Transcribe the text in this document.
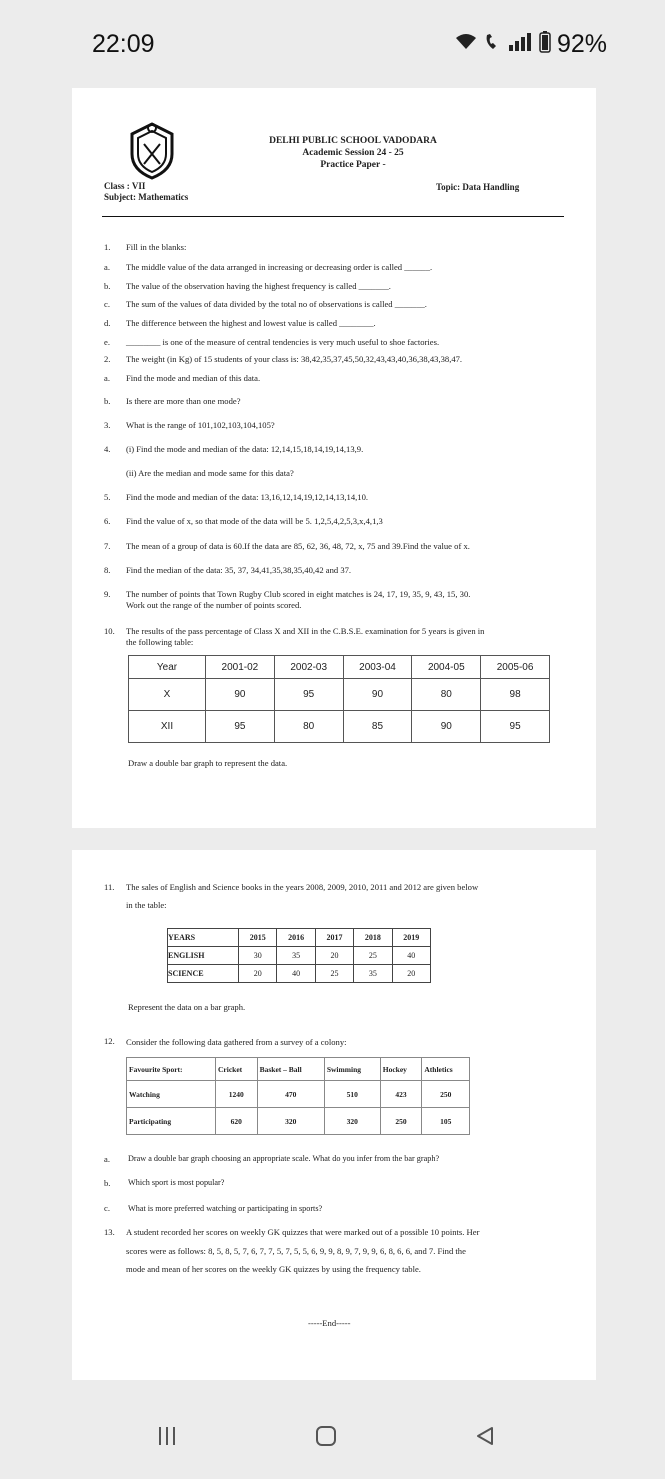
22:09	92%
DELHI PUBLIC SCHOOL VADODARA
Academic Session 24 - 25
Practice Paper -
Class : VII
Subject: Mathematics
Topic: Data Handling
1. Fill in the blanks:
a. The middle value of the data arranged in increasing or decreasing order is called ______.
b. The value of the observation having the highest frequency is called _______.
c. The sum of the values of data divided by the total no of observations is called _______.
d. The difference between the highest and lowest value is called ________.
e. ________ is one of the measure of central tendencies is very much useful to shoe factories.
2. The weight (in Kg) of 15 students of your class is: 38,42,35,37,45,50,32,43,43,40,36,38,43,38,47.
a. Find the mode and median of this data.
b. Is there are more than one mode?
3. What is the range of 101,102,103,104,105?
4. (i) Find the mode and median of the data: 12,14,15,18,14,19,14,13,9.
(ii) Are the median and mode same for this data?
5. Find the mode and median of the data: 13,16,12,14,19,12,14,13,14,10.
6. Find the value of x, so that mode of the data will be 5. 1,2,5,4,2,5,3,x,4,1,3
7. The mean of a group of data is 60.If the data are 85, 62, 36, 48, 72, x, 75 and 39.Find the value of x.
8. Find the median of the data: 35, 37, 34,41,35,38,35,40,42 and 37.
9. The number of points that Town Rugby Club scored in eight matches is 24, 17, 19, 35, 9, 43, 15, 30.
Work out the range of the number of points scored.
10. The results of the pass percentage of Class X and XII in the C.B.S.E. examination for 5 years is given in
the following table:
Year	2001-02	2002-03	2003-04	2004-05	2005-06
X	90	95	90	80	98
XII	95	80	85	90	95
Draw a double bar graph to represent the data.
11. The sales of English and Science books in the years 2008, 2009, 2010, 2011 and 2012 are given below
in the table:
YEARS	2015	2016	2017	2018	2019
ENGLISH	30	35	20	25	40
SCIENCE	20	40	25	35	20
Represent the data on a bar graph.
12. Consider the following data gathered from a survey of a colony:
Favourite Sport:	Cricket	Basket – Ball	Swimming	Hockey	Athletics
Watching	1240	470	510	423	250
Participating	620	320	320	250	105
a. Draw a double bar graph choosing an appropriate scale. What do you infer from the bar graph?
b. Which sport is most popular?
c. What is more preferred watching or participating in sports?
13. A student recorded her scores on weekly GK quizzes that were marked out of a possible 10 points. Her
scores were as follows: 8, 5, 8, 5, 7, 6, 7, 7, 5, 7, 5, 5, 6, 9, 9, 8, 9, 7, 9, 9, 6, 8, 6, 6, and 7. Find the
mode and mean of her scores on the weekly GK quizzes by using the frequency table.
-----End-----
